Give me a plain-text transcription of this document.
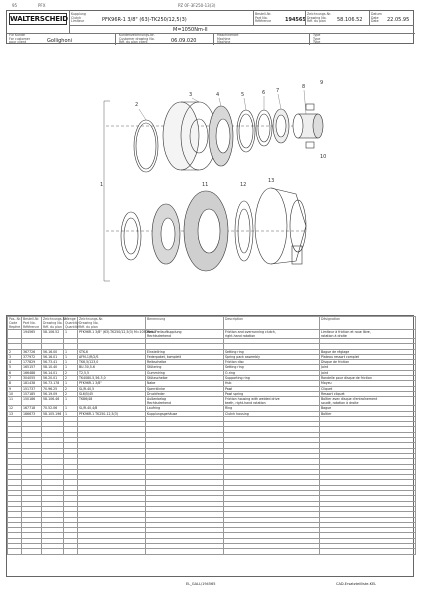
95	PFX	PZ 0F-3F250-13(3)
WALTERSCHEID
Kupplung
Clutch
Limiteur
Bestell-Nr.
Part No.
Référence
Zeichnungs-Nr.
Drawing No.
Réf. du plan
Datum
Date
Date
PFK96R-1 3/8" (63)-TK250/12,5(3)	194565	58.106.52	22.05.95
M=1050Nm-II
Für Kunde
For customer
pour client	Gollighoni
Kundenzeichnungs-Nr.
Customer drawing No.
Réf. du plan client	06.09.020
Maschinenart
Machine
Machine
Type
Type
Type
1
2
3	4	5	6 7
8
9
10
11	12
13
Pos.-Nr.
Code
Repère	Bestell-Nr.
Part No.
Référence	Zeichnungs-Nr.
Drawing No.
Réf. du plan	Menge
Quantity
Quantité	Zeichnungs-Nr.
Drawing No.
Réf. du plan	Benennung	Description	Désignation
	194565	58.106.52	1	PFK96R-1 3/8" (63)-TK250/12,5(3) M=1050Nm-II	Reib-Freilaufkupplung
Rechtsdrehend	Friction and overrunning clutch,
right-hand rotation	Limiteur à friction et roue libre,
rotation à droite

2	367726	56.16.00	1	STK-6	Einstellring	Setting ring	Bague de réglage
3	377972	56.16.01	1	AFM-1/R/2/S	Federpaket, komplett	Spring pack assembly	Plateau ressort complet
4	177829	56.73.41	1	TK6,5/123,0	Reibscheibe	Friction disc	Disque de friction
5	165157	58.10.40	1	BU-30,5-6	Stützring	Setting ring	Joint
6	166488	56.14.01	2	T2,5,5	Gummiring	O-ring	Joint
7	304055	56.20.01	2	TK4080-5,56-3,0	Stützscheibe	Supporting ring	Rondelle pour disque de friction
8	181438	56.73.178	1	PFK96R-1 3/8"	Nabe	Hub	Moyeu
9	151737	70.96.25	2	SL/R-40,5	Sperrklinke	Pawl	Cliquet
10	157185	56.19.09	2	SL6/5/45	Druckfeder	Pawl spring	Ressort cliquet
11	150186	58.106.46	1	TK86/48	Außenbelag
Rechtsdrehend	Friction housing with welded drive
teeth, right-hand rotation	Boîtier avec disque d'entraînement
soudé, rotation à droite
12	167718	70.52.06	1	SL/R-40,4/8	Laufring	Ring	Bague
13	186673	58.105.196	1	PFK96R-1 TK250-12,5(3)	Kupplungsgehäuse	Clutch housing	Boîtier

EL_GALL/194565	CAD-Ersatzteilliste-KEL
